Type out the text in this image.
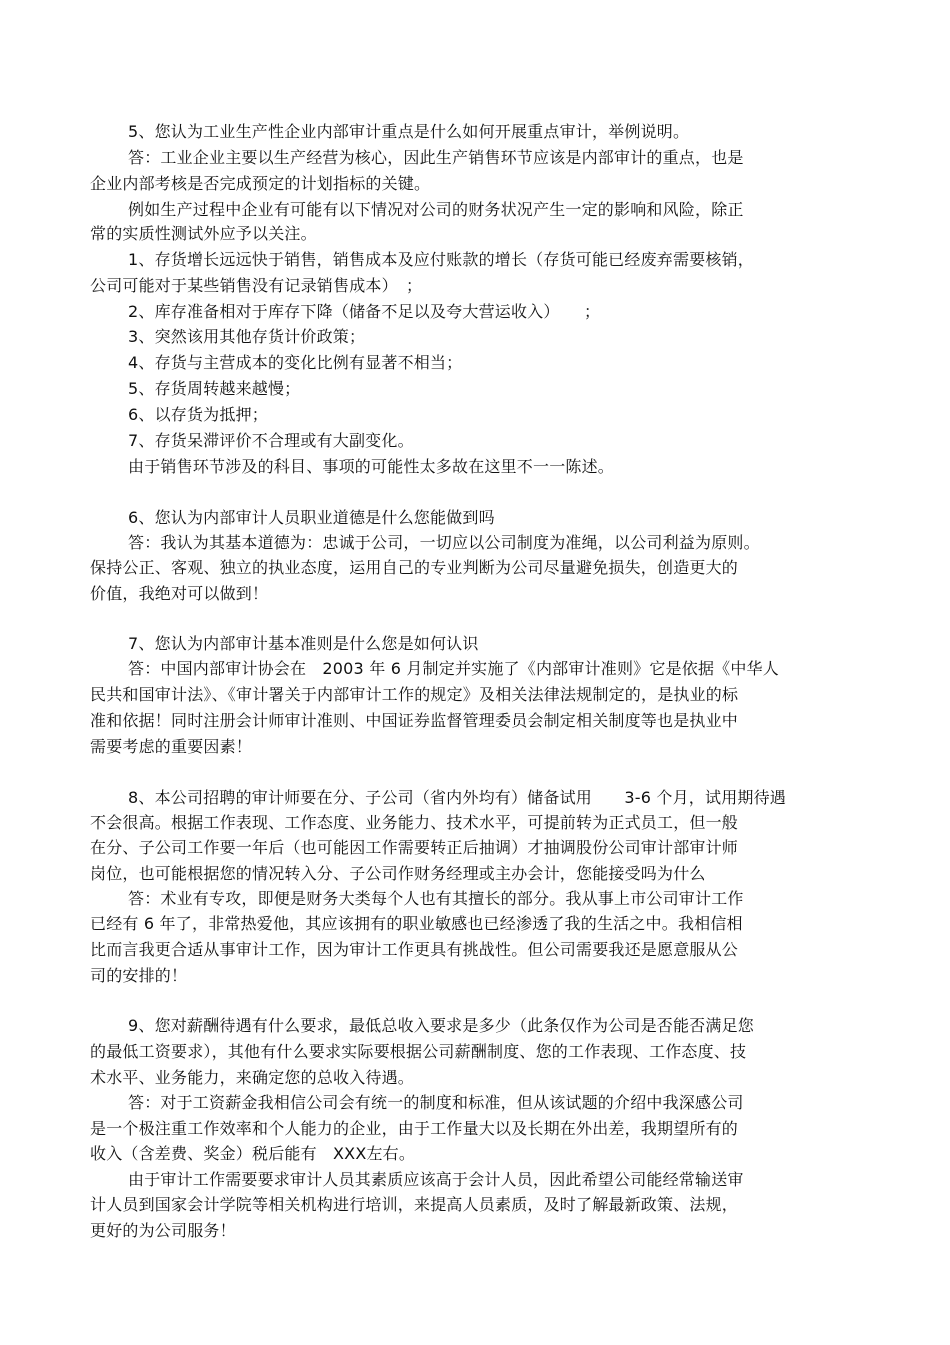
5、您认为工业生产性企业内部审计重点是什么如何开展重点审计，举例说明。
答：工业企业主要以生产经营为核心，因此生产销售环节应该是内部审计的重点，也是
企业内部考核是否完成预定的计划指标的关键。
例如生产过程中企业有可能有以下情况对公司的财务状况产生一定的影响和风险，除正
常的实质性测试外应予以关注。
1、存货增长远远快于销售，销售成本及应付账款的增长（存货可能已经废弃需要核销，
公司可能对于某些销售没有记录销售成本）　；
2、库存准备相对于库存下降（储备不足以及夸大营运收入）　　；
3、突然该用其他存货计价政策；
4、存货与主营成本的变化比例有显著不相当；
5、存货周转越来越慢；
6、以存货为抵押；
7、存货呆滞评价不合理或有大副变化。
由于销售环节涉及的科目、事项的可能性太多故在这里不一一陈述。
6、您认为内部审计人员职业道德是什么您能做到吗
答：我认为其基本道德为：忠诚于公司，一切应以公司制度为准绳，以公司利益为原则。
保持公正、客观、独立的执业态度，运用自己的专业判断为公司尽量避免损失，创造更大的
价值，我绝对可以做到！
7、您认为内部审计基本准则是什么您是如何认识
答：中国内部审计协会在　2003 年 6 月制定并实施了《内部审计准则》它是依据《中华人
民共和国审计法》、《审计署关于内部审计工作的规定》及相关法律法规制定的，是执业的标
准和依据！同时注册会计师审计准则、中国证券监督管理委员会制定相关制度等也是执业中
需要考虑的重要因素！
8、本公司招聘的审计师要在分、子公司（省内外均有）储备试用　　3-6 个月，试用期待遇
不会很高。根据工作表现、工作态度、业务能力、技术水平，可提前转为正式员工，但一般
在分、子公司工作要一年后（也可能因工作需要转正后抽调）才抽调股份公司审计部审计师
岗位，也可能根据您的情况转入分、子公司作财务经理或主办会计，您能接受吗为什么
答：术业有专攻，即便是财务大类每个人也有其擅长的部分。我从事上市公司审计工作
已经有 6 年了，非常热爱他，其应该拥有的职业敏感也已经渗透了我的生活之中。我相信相
比而言我更合适从事审计工作，因为审计工作更具有挑战性。但公司需要我还是愿意服从公
司的安排的！
9、您对薪酬待遇有什么要求，最低总收入要求是多少（此条仅作为公司是否能否满足您
的最低工资要求），其他有什么要求实际要根据公司薪酬制度、您的工作表现、工作态度、技
术水平、业务能力，来确定您的总收入待遇。
答：对于工资薪金我相信公司会有统一的制度和标准，但从该试题的介绍中我深感公司
是一个极注重工作效率和个人能力的企业，由于工作量大以及长期在外出差，我期望所有的
收入（含差费、奖金）税后能有　XXX左右。
由于审计工作需要要求审计人员其素质应该高于会计人员，因此希望公司能经常输送审
计人员到国家会计学院等相关机构进行培训，来提高人员素质，及时了解最新政策、法规，
更好的为公司服务！
